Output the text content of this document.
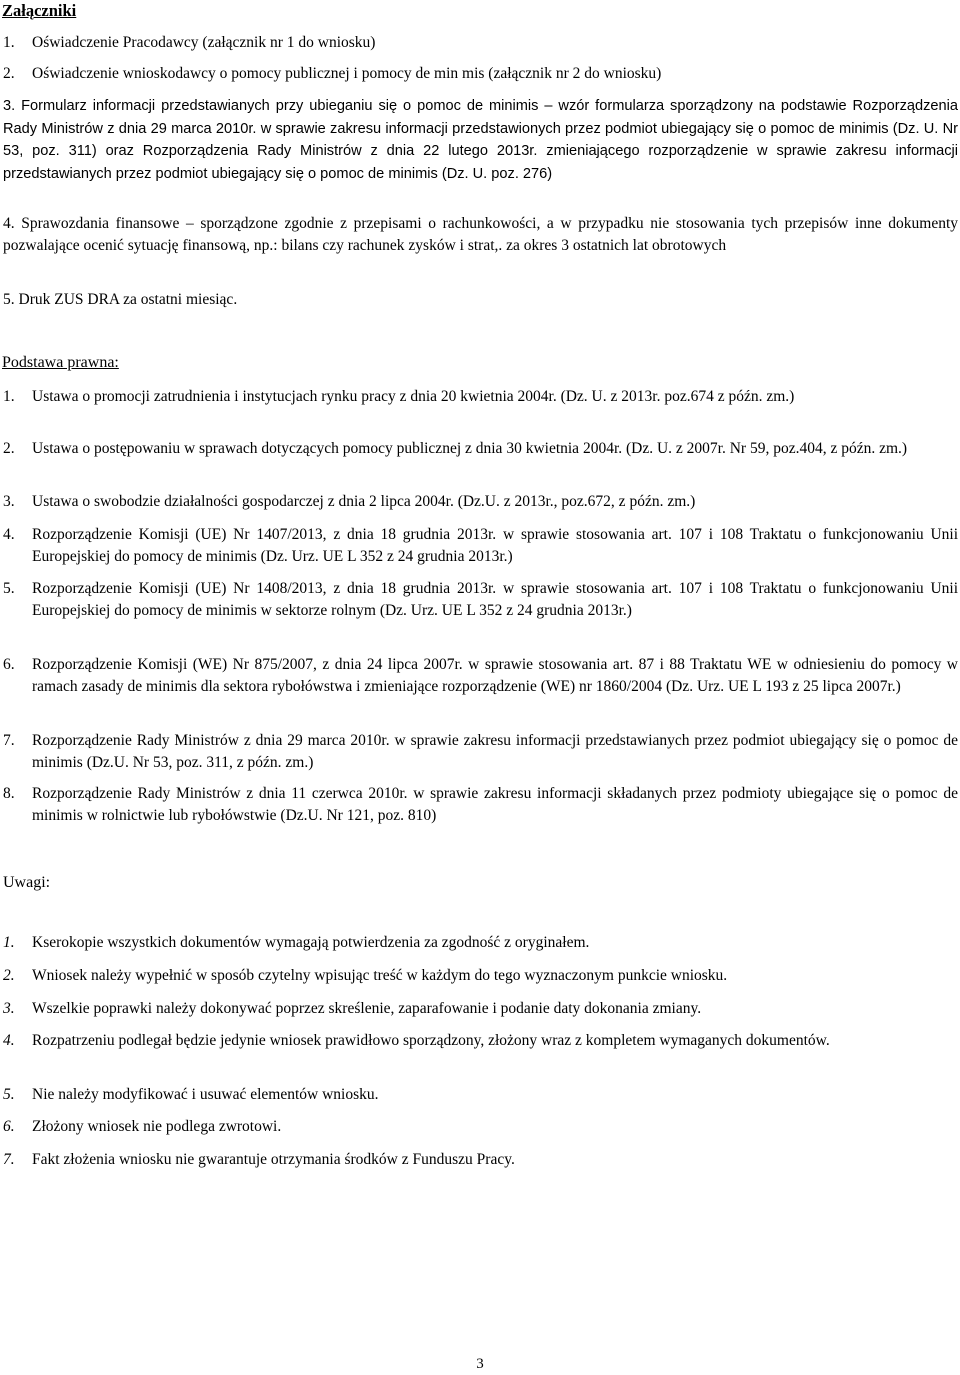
Załączniki
1. Oświadczenie Pracodawcy (załącznik nr 1 do wniosku)
2. Oświadczenie wnioskodawcy o pomocy publicznej i pomocy de min mis (załącznik nr 2 do wniosku)
3. Formularz informacji przedstawianych przy ubieganiu się o pomoc de minimis – wzór formularza sporządzony na podstawie Rozporządzenia Rady Ministrów z dnia 29 marca 2010r. w sprawie zakresu informacji przedstawionych przez podmiot ubiegający się o pomoc de minimis (Dz. U. Nr 53, poz. 311) oraz Rozporządzenia Rady Ministrów z dnia 22 lutego 2013r. zmieniającego rozporządzenie w sprawie zakresu informacji przedstawianych przez podmiot ubiegający się o pomoc de minimis (Dz. U. poz. 276)
4. Sprawozdania finansowe – sporządzone zgodnie z przepisami o rachunkowości, a w przypadku nie stosowania tych przepisów inne dokumenty pozwalające ocenić sytuację finansową, np.: bilans czy rachunek zysków i strat,. za okres 3 ostatnich lat obrotowych
5. Druk ZUS DRA za ostatni miesiąc.
Podstawa prawna:
1. Ustawa o promocji zatrudnienia i instytucjach rynku pracy z dnia 20 kwietnia 2004r. (Dz. U. z 2013r. poz.674 z późn. zm.)
2. Ustawa o postępowaniu w sprawach dotyczących pomocy publicznej z dnia 30 kwietnia 2004r. (Dz. U. z 2007r. Nr 59, poz.404, z późn. zm.)
3. Ustawa o swobodzie działalności gospodarczej z dnia 2 lipca 2004r. (Dz.U. z 2013r., poz.672, z późn. zm.)
4. Rozporządzenie Komisji (UE) Nr 1407/2013, z dnia 18 grudnia 2013r. w sprawie stosowania art. 107 i 108 Traktatu o funkcjonowaniu Unii Europejskiej do pomocy de minimis (Dz. Urz. UE L 352 z 24 grudnia 2013r.)
5. Rozporządzenie Komisji (UE) Nr 1408/2013, z dnia 18 grudnia 2013r. w sprawie stosowania art. 107 i 108 Traktatu o funkcjonowaniu Unii Europejskiej do pomocy de minimis w sektorze rolnym (Dz. Urz. UE L 352 z 24 grudnia 2013r.)
6. Rozporządzenie Komisji (WE) Nr 875/2007, z dnia 24 lipca 2007r. w sprawie stosowania art. 87 i 88 Traktatu WE w odniesieniu do pomocy w ramach zasady de minimis dla sektora rybołówstwa i zmieniające rozporządzenie (WE) nr 1860/2004 (Dz. Urz. UE L 193 z 25 lipca 2007r.)
7. Rozporządzenie Rady Ministrów z dnia 29 marca 2010r. w sprawie zakresu informacji przedstawianych przez podmiot ubiegający się o pomoc de minimis (Dz.U. Nr 53, poz. 311, z późn. zm.)
8. Rozporządzenie Rady Ministrów z dnia 11 czerwca 2010r. w sprawie zakresu informacji składanych przez podmioty ubiegające się o pomoc de minimis w rolnictwie lub rybołówstwie (Dz.U. Nr 121, poz. 810)
Uwagi:
1. Kserokopie wszystkich dokumentów wymagają potwierdzenia za zgodność z oryginałem.
2. Wniosek należy wypełnić w sposób czytelny wpisując treść w każdym do tego wyznaczonym punkcie wniosku.
3. Wszelkie poprawki należy dokonywać poprzez skreślenie, zaparafowanie i podanie daty dokonania zmiany.
4. Rozpatrzeniu podlegał będzie jedynie wniosek prawidłowo sporządzony, złożony wraz z kompletem wymaganych dokumentów.
5. Nie należy modyfikować i usuwać elementów wniosku.
6. Złożony wniosek nie podlega zwrotowi.
7. Fakt złożenia wniosku nie gwarantuje otrzymania środków z Funduszu Pracy.
3
